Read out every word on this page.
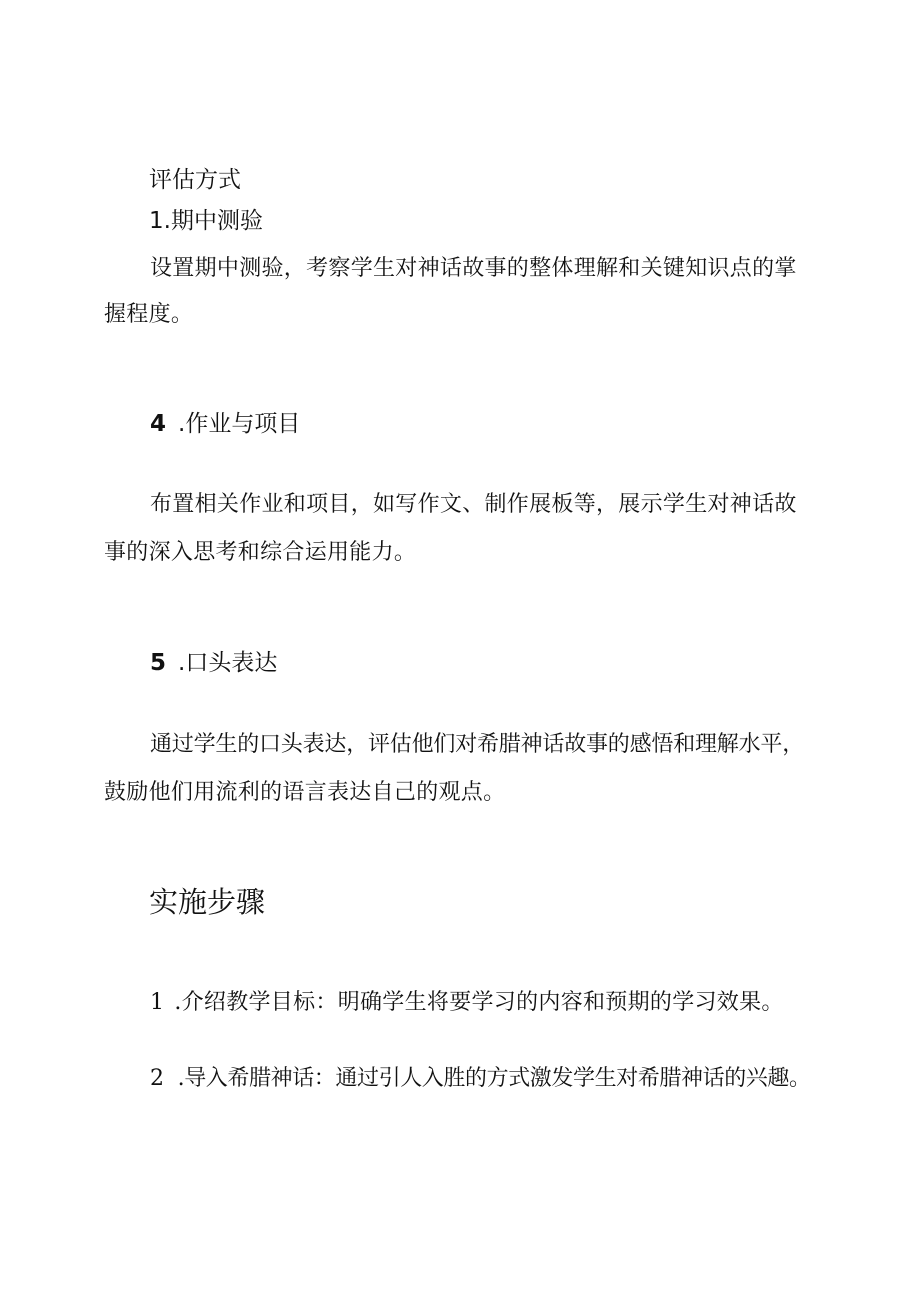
评估方式
1.期中测验
设置期中测验，考察学生对神话故事的整体理解和关键知识点的掌
握程度。
4 .作业与项目
布置相关作业和项目，如写作文、制作展板等，展示学生对神话故
事的深入思考和综合运用能力。
5 .口头表达
通过学生的口头表达，评估他们对希腊神话故事的感悟和理解水平，
鼓励他们用流利的语言表达自己的观点。
实施步骤
1 .介绍教学目标：明确学生将要学习的内容和预期的学习效果。
2 .导入希腊神话：通过引人入胜的方式激发学生对希腊神话的兴趣。
